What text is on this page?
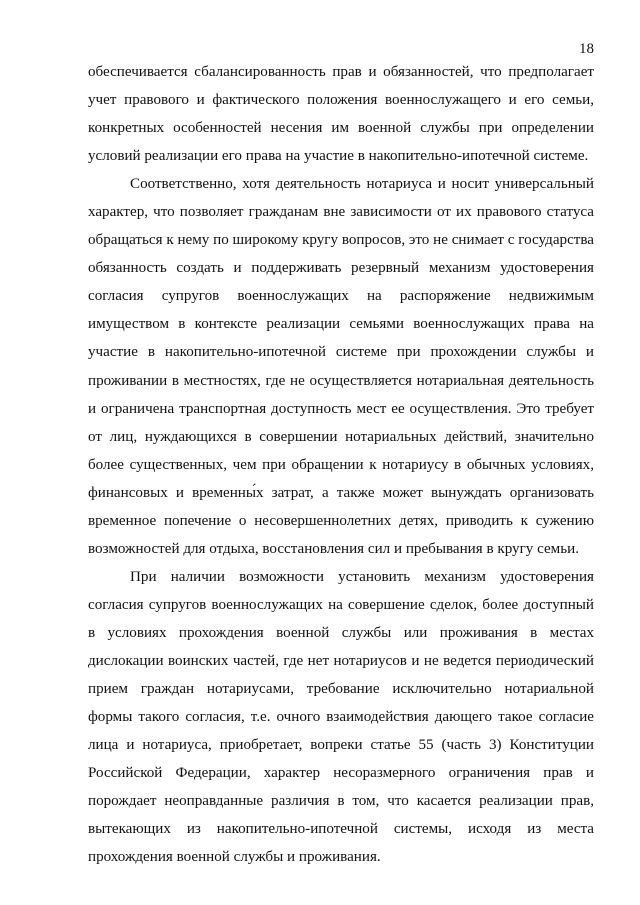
18

обеспечивается сбалансированность прав и обязанностей, что предполагает учет правового и фактического положения военнослужащего и его семьи, конкретных особенностей несения им военной службы при определении условий реализации его права на участие в накопительно-ипотечной системе.

Соответственно, хотя деятельность нотариуса и носит универсальный характер, что позволяет гражданам вне зависимости от их правового статуса обращаться к нему по широкому кругу вопросов, это не снимает с государства обязанность создать и поддерживать резервный механизм удостоверения согласия супругов военнослужащих на распоряжение недвижимым имуществом в контексте реализации семьями военнослужащих права на участие в накопительно-ипотечной системе при прохождении службы и проживании в местностях, где не осуществляется нотариальная деятельность и ограничена транспортная доступность мест ее осуществления. Это требует от лиц, нуждающихся в совершении нотариальных действий, значительно более существенных, чем при обращении к нотариусу в обычных условиях, финансовых и временны́х затрат, а также может вынуждать организовать временное попечение о несовершеннолетних детях, приводить к сужению возможностей для отдыха, восстановления сил и пребывания в кругу семьи.

При наличии возможности установить механизм удостоверения согласия супругов военнослужащих на совершение сделок, более доступный в условиях прохождения военной службы или проживания в местах дислокации воинских частей, где нет нотариусов и не ведется периодический прием граждан нотариусами, требование исключительно нотариальной формы такого согласия, т.е. очного взаимодействия дающего такое согласие лица и нотариуса, приобретает, вопреки статье 55 (часть 3) Конституции Российской Федерации, характер несоразмерного ограничения прав и порождает неоправданные различия в том, что касается реализации прав, вытекающих из накопительно-ипотечной системы, исходя из места прохождения военной службы и проживания.
